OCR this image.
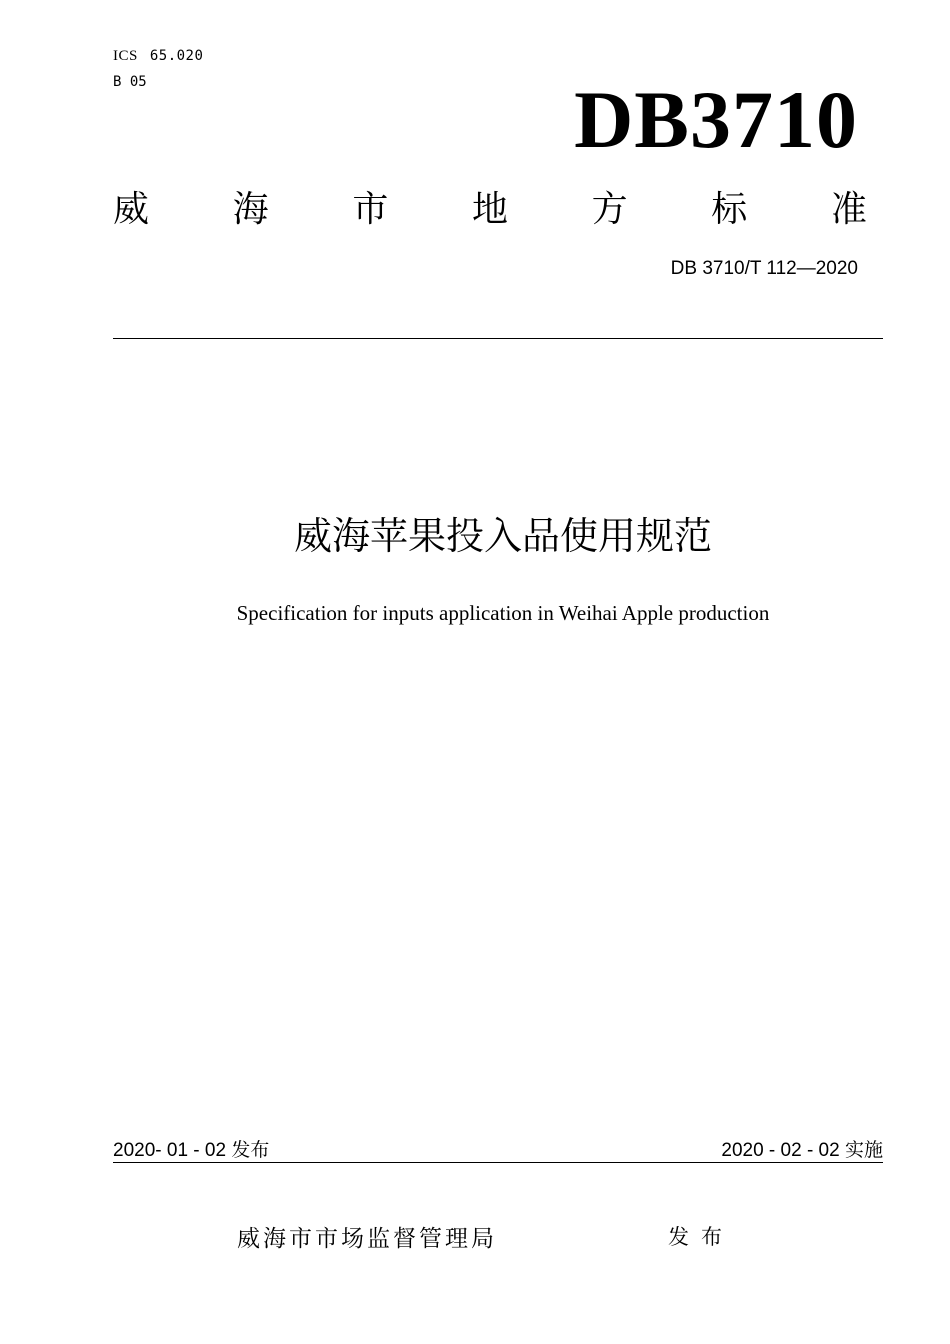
ICS 65.020
B 05	DB3710
威 海 市 地 方 标 准
DB 3710/T 112—2020
威海苹果投入品使用规范
Specification for inputs application in Weihai Apple production
2020- 01 - 02 发布	2020 - 02 - 02 实施
威海市市场监督管理局	发布
